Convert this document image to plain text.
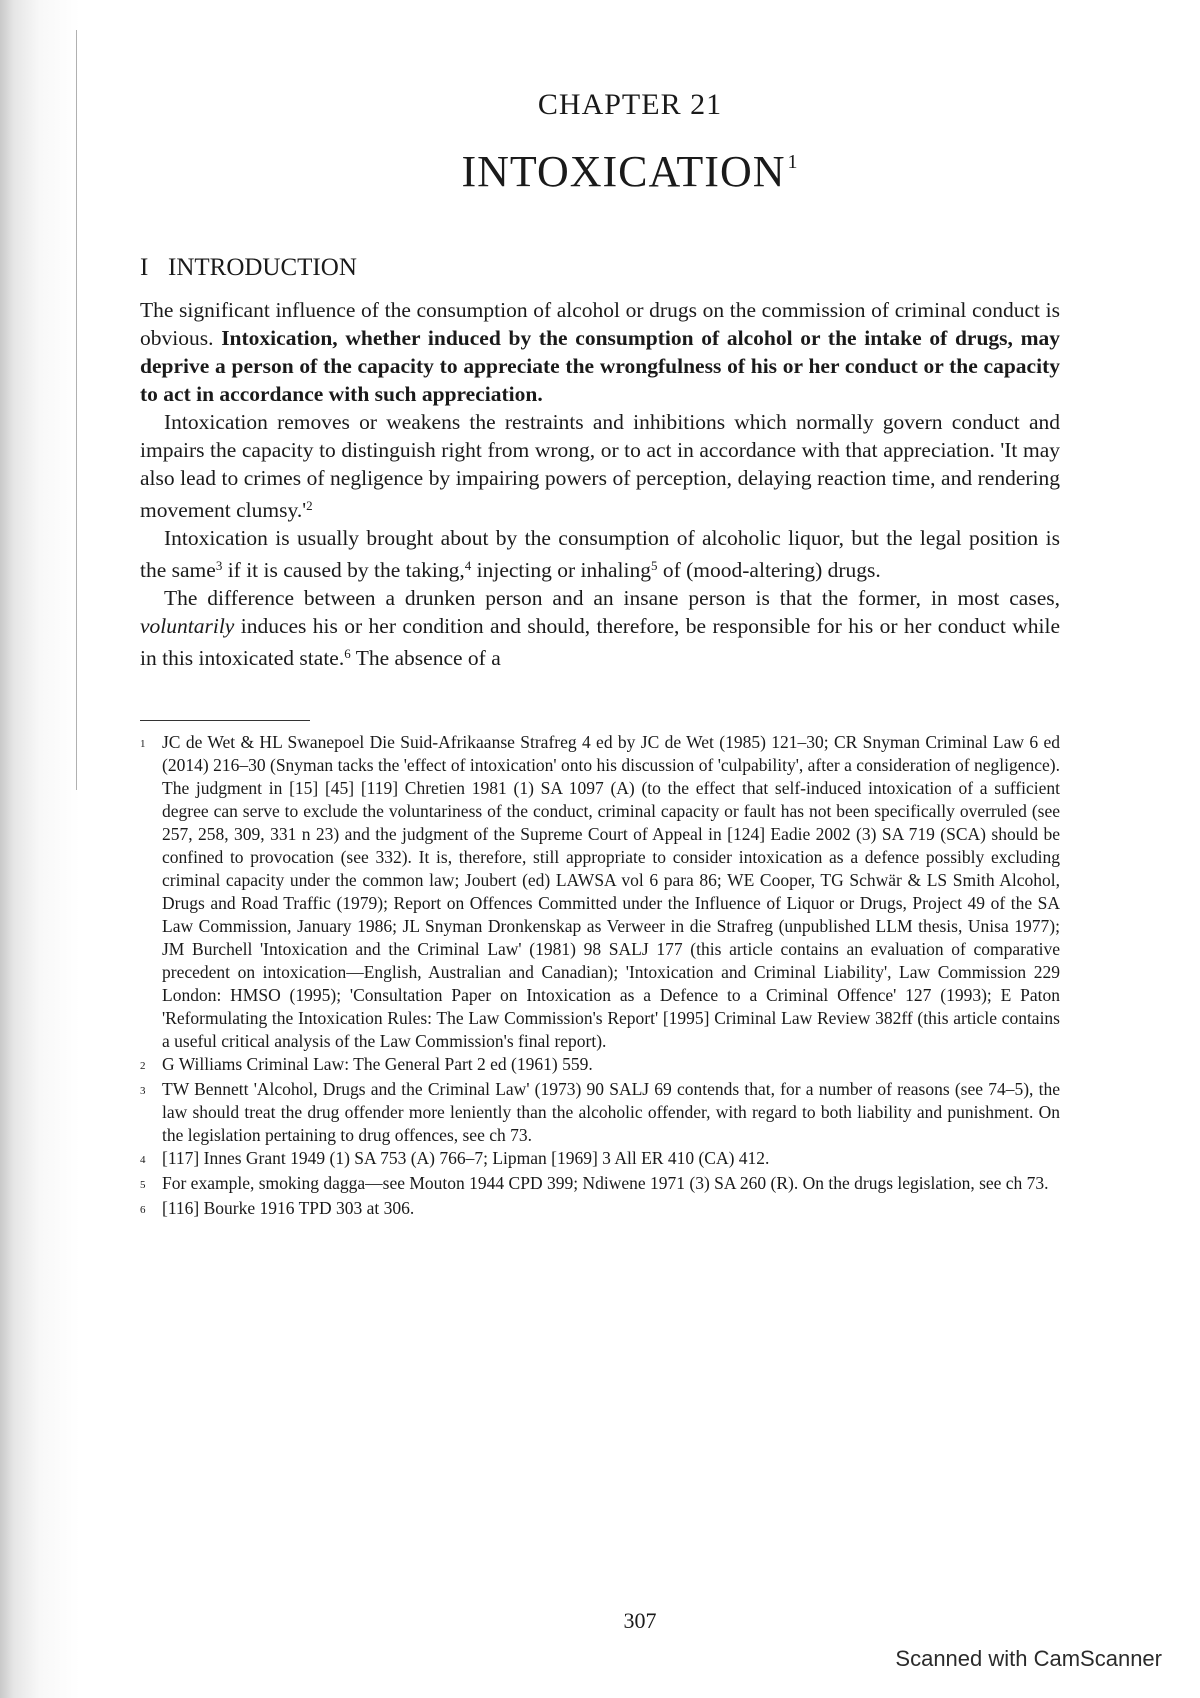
CHAPTER 21
INTOXICATION $^1$
I INTRODUCTION

The significant influence of the consumption of alcohol or drugs on the commission of criminal conduct is obvious. Intoxication, whether induced by the consumption of alcohol or the intake of drugs, may deprive a person of the capacity to appreciate the wrongfulness of his or her conduct or the capacity to act in accordance with such appreciation.

Intoxication removes or weakens the restraints and inhibitions which normally govern conduct and impairs the capacity to distinguish right from wrong, or to act in accordance with that appreciation. 'It may also lead to crimes of negligence by impairing powers of perception, delaying reaction time, and rendering movement $clumsy.'^2$

Intoxication is usually brought about by the consumption of alcoholic liquor, but the legal position is the same$^3$ if it is caused by the taking,$^4$ injecting or inhaling$^5$ of (mood-altering) drugs.

The difference between a drunken person and an insane person is that the former, in most cases, voluntarily induces his or her condition and should, therefore, be responsible for his or her conduct while in this intoxicated state.$^6$ The absence of a

1 JC de Wet & HL Swanepoel Die Suid-Afrikaanse Strafreg 4 ed by JC de Wet (1985) 121–30; CR Snyman Criminal Law 6 ed (2014) 216–30 (Snyman tacks the 'effect of intoxication' onto his discussion of 'culpability', after a consideration of negligence). The judgment in [15] [45] [119] Chretien 1981 (1) SA 1097 (A) (to the effect that self-induced intoxication of a sufficient degree can serve to exclude the voluntariness of the conduct, criminal capacity or fault has not been specifically overruled (see 257, 258, 309, 331 n 23) and the judgment of the Supreme Court of Appeal in [124] Eadie 2002 (3) SA 719 (SCA) should be confined to provocation (see 332). It is, therefore, still appropriate to consider intoxication as a defence possibly excluding criminal capacity under the common law; Joubert (ed) LAWSA vol 6 para 86; WE Cooper, TG Schwär & LS Smith Alcohol, Drugs and Road Traffic (1979); Report on Offences Committed under the Influence of Liquor or Drugs, Project 49 of the SA Law Commission, January 1986; JL Snyman Dronkenskap as Verweer in die Strafreg (unpublished LLM thesis, Unisa 1977); JM Burchell 'Intoxication and the Criminal Law' (1981) 98 SALJ 177 (this article contains an evaluation of comparative precedent on intoxication—English, Australian and Canadian); 'Intoxication and Criminal Liability', Law Commission 229 London: HMSO (1995); 'Consultation Paper on Intoxication as a Defence to a Criminal Offence' 127 (1993); E Paton 'Reformulating the Intoxication Rules: The Law Commission's Report' [1995] Criminal Law Review 382ff (this article contains a useful critical analysis of the Law Commission's final report).
2 G Williams Criminal Law: The General Part 2 ed (1961) 559.
3 TW Bennett 'Alcohol, Drugs and the Criminal Law' (1973) 90 SALJ 69 contends that, for a number of reasons (see 74–5), the law should treat the drug offender more leniently than the alcoholic offender, with regard to both liability and punishment. On the legislation pertaining to drug offences, see ch 73.
4 [117] Innes Grant 1949 (1) SA 753 (A) 766–7; Lipman [1969] 3 All ER 410 (CA) 412.
5 For example, smoking dagga—see Mouton 1944 CPD 399; Ndiwene 1971 (3) SA 260 (R). On the drugs legislation, see ch 73.
6 [116] Bourke 1916 TPD 303 at 306.
307
Scanned with CamScanner
